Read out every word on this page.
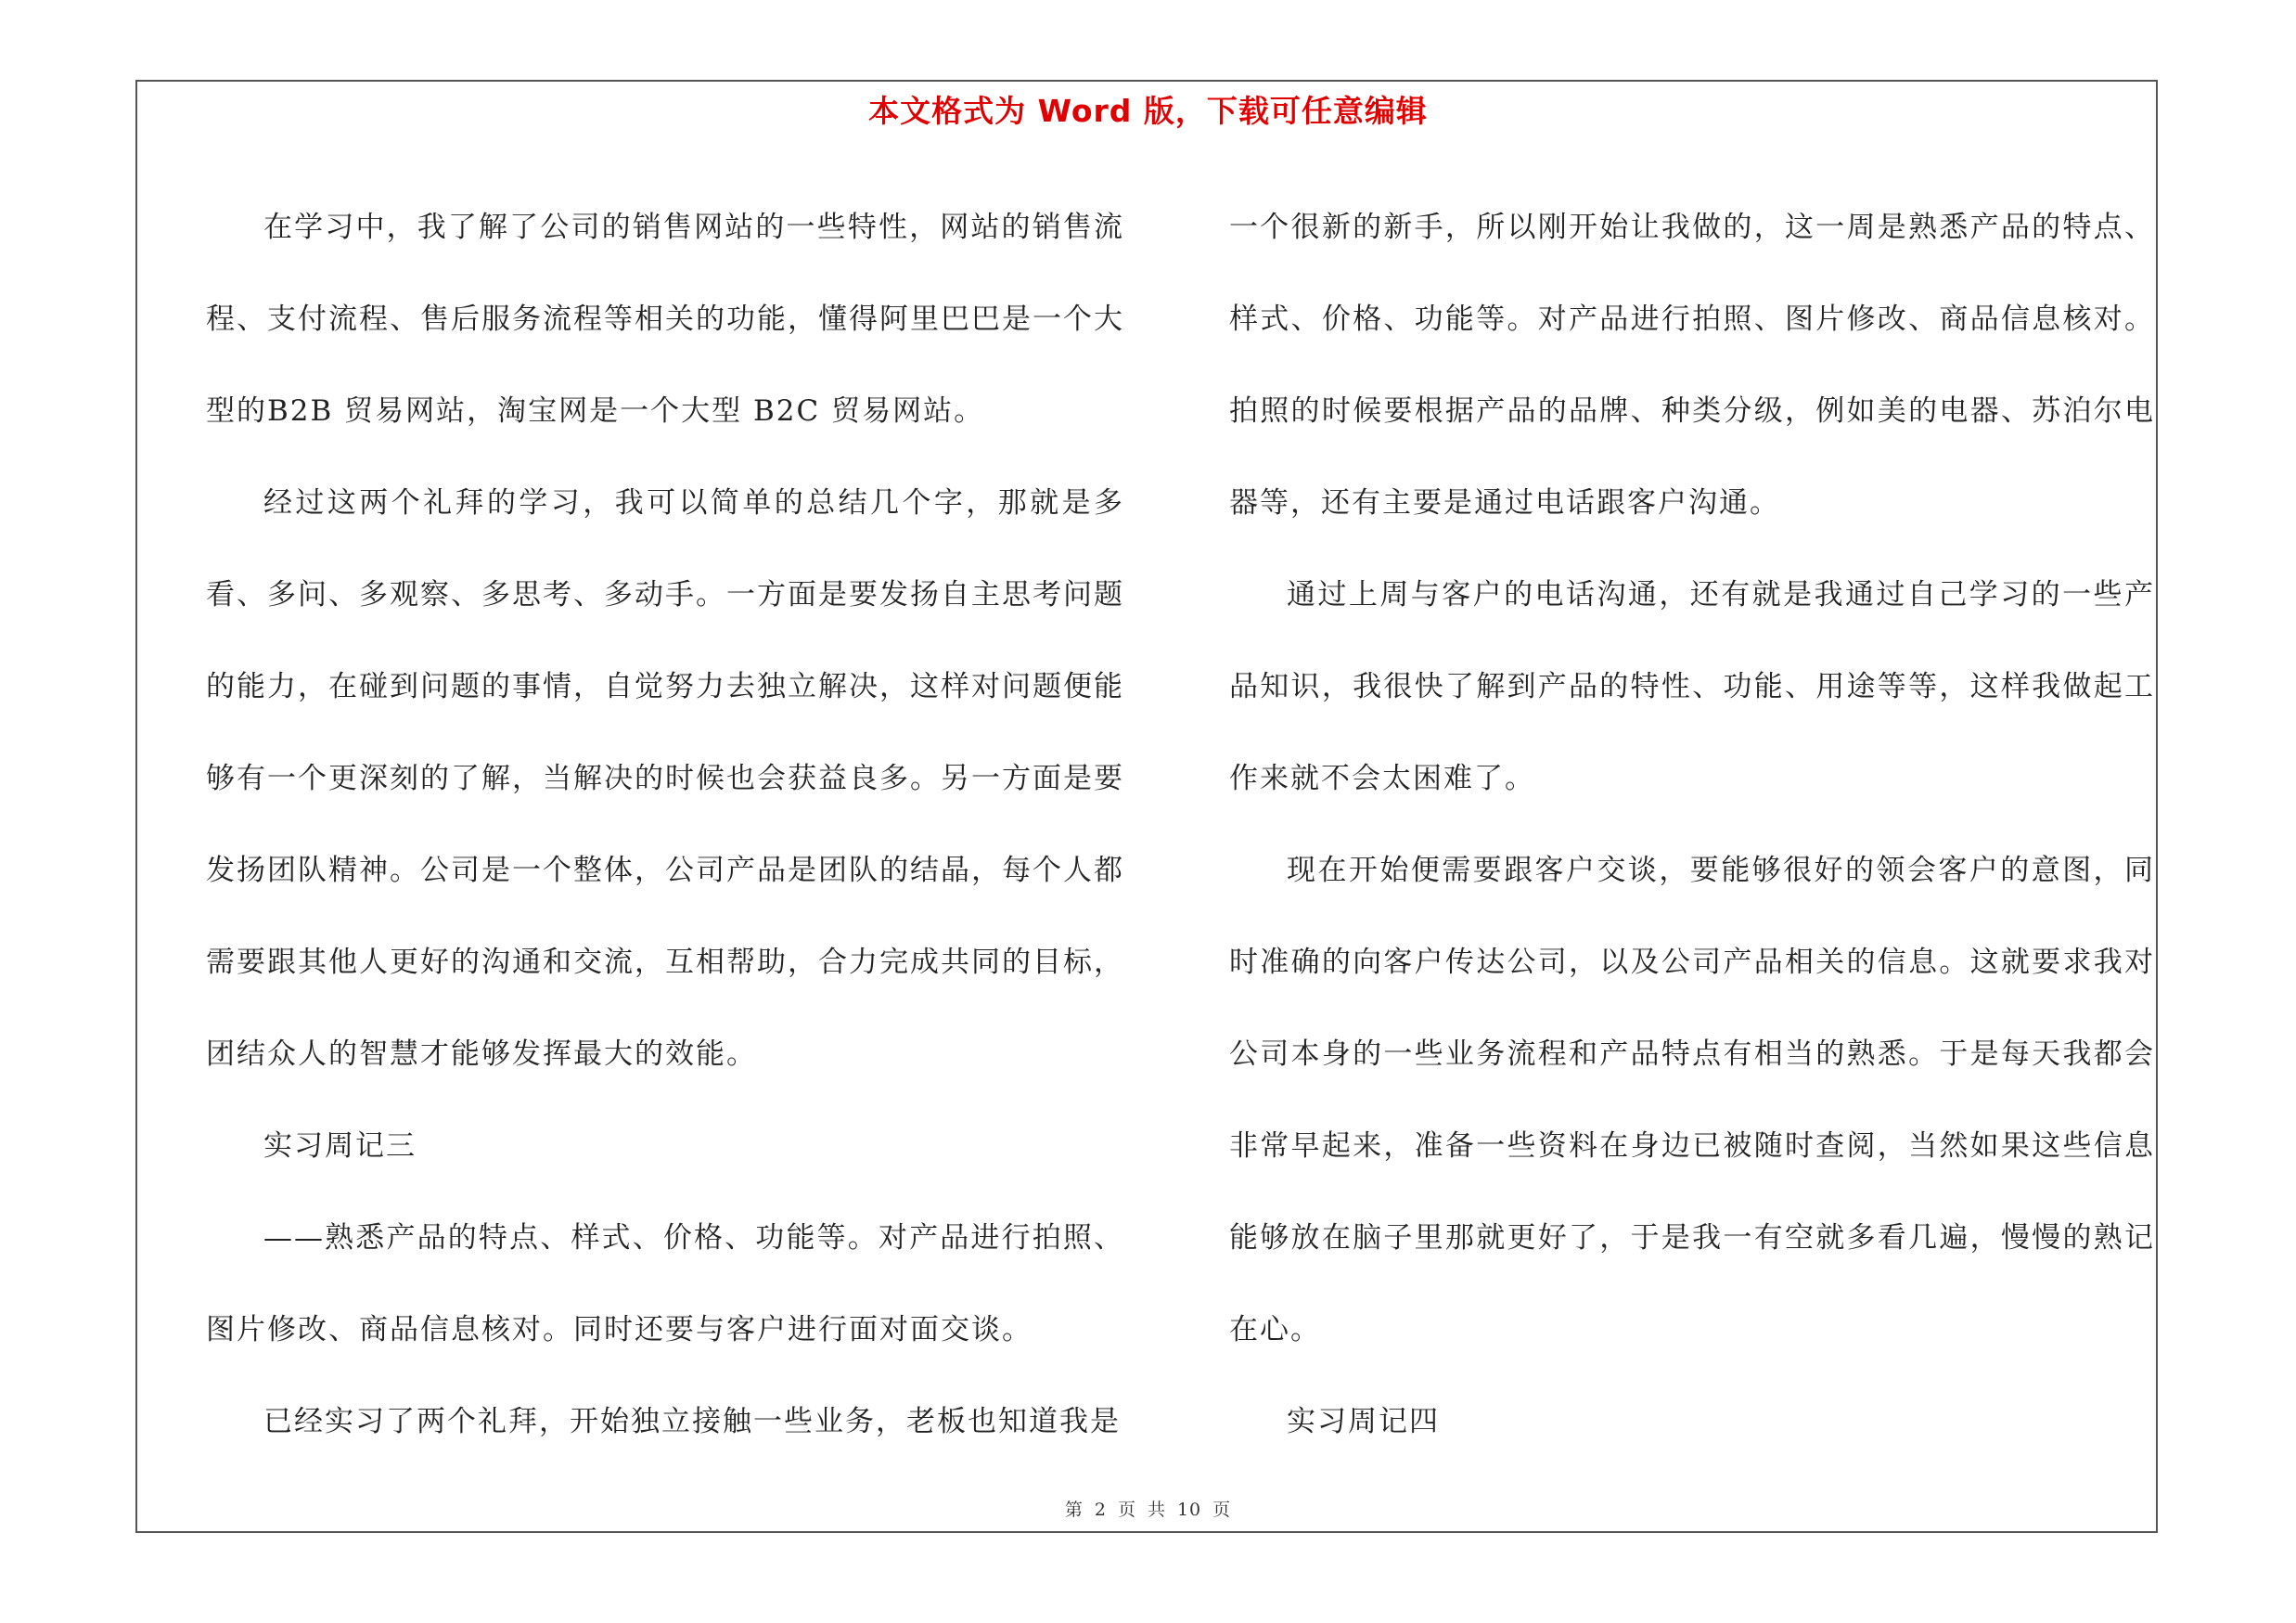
本文格式为 Word 版，下载可任意编辑

在学习中，我了解了公司的销售网站的一些特性，网站的销售流程、支付流程、售后服务流程等相关的功能，懂得阿里巴巴是一个大型的B2B 贸易网站，淘宝网是一个大型 B2C 贸易网站。

经过这两个礼拜的学习，我可以简单的总结几个字，那就是多看、多问、多观察、多思考、多动手。一方面是要发扬自主思考问题的能力，在碰到问题的事情，自觉努力去独立解决，这样对问题便能够有一个更深刻的了解，当解决的时候也会获益良多。另一方面是要发扬团队精神。公司是一个整体，公司产品是团队的结晶，每个人都需要跟其他人更好的沟通和交流，互相帮助，合力完成共同的目标，团结众人的智慧才能够发挥最大的效能。

实习周记三

——熟悉产品的特点、样式、价格、功能等。对产品进行拍照、图片修改、商品信息核对。同时还要与客户进行面对面交谈。

已经实习了两个礼拜，开始独立接触一些业务，老板也知道我是

一个很新的新手，所以刚开始让我做的，这一周是熟悉产品的特点、样式、价格、功能等。对产品进行拍照、图片修改、商品信息核对。拍照的时候要根据产品的品牌、种类分级，例如美的电器、苏泊尔电器等，还有主要是通过电话跟客户沟通。

通过上周与客户的电话沟通，还有就是我通过自己学习的一些产品知识，我很快了解到产品的特性、功能、用途等等，这样我做起工作来就不会太困难了。

现在开始便需要跟客户交谈，要能够很好的领会客户的意图，同时准确的向客户传达公司，以及公司产品相关的信息。这就要求我对公司本身的一些业务流程和产品特点有相当的熟悉。于是每天我都会非常早起来，准备一些资料在身边已被随时查阅，当然如果这些信息能够放在脑子里那就更好了，于是我一有空就多看几遍，慢慢的熟记在心。

实习周记四

第 2 页 共 10 页
